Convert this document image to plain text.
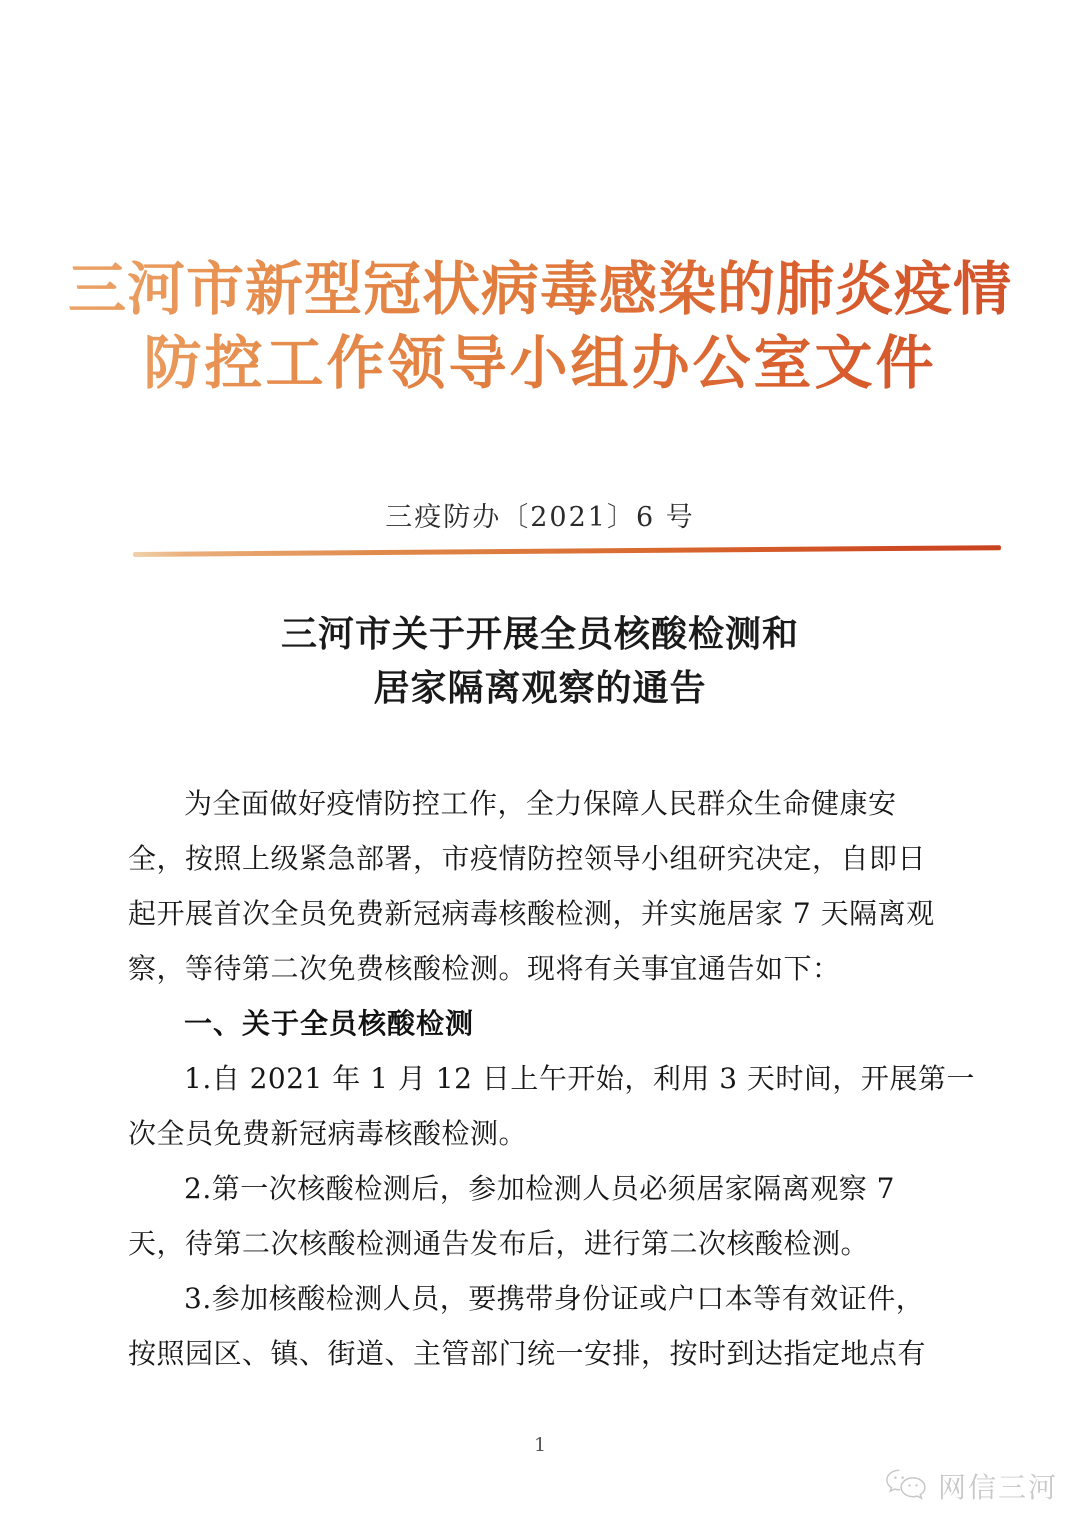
三河市新型冠状病毒感染的肺炎疫情
防控工作领导小组办公室文件
三疫防办〔2021〕6 号
三河市关于开展全员核酸检测和
居家隔离观察的通告

为全面做好疫情防控工作，全力保障人民群众生命健康安
全，按照上级紧急部署，市疫情防控领导小组研究决定，自即日
起开展首次全员免费新冠病毒核酸检测，并实施居家 7 天隔离观
察，等待第二次免费核酸检测。现将有关事宜通告如下：

一、关于全员核酸检测

1.自 2021 年 1 月 12 日上午开始，利用 3 天时间，开展第一
次全员免费新冠病毒核酸检测。

2.第一次核酸检测后，参加检测人员必须居家隔离观察 7
天，待第二次核酸检测通告发布后，进行第二次核酸检测。

3.参加核酸检测人员，要携带身份证或户口本等有效证件，
按照园区、镇、街道、主管部门统一安排，按时到达指定地点有

1
网信三河
